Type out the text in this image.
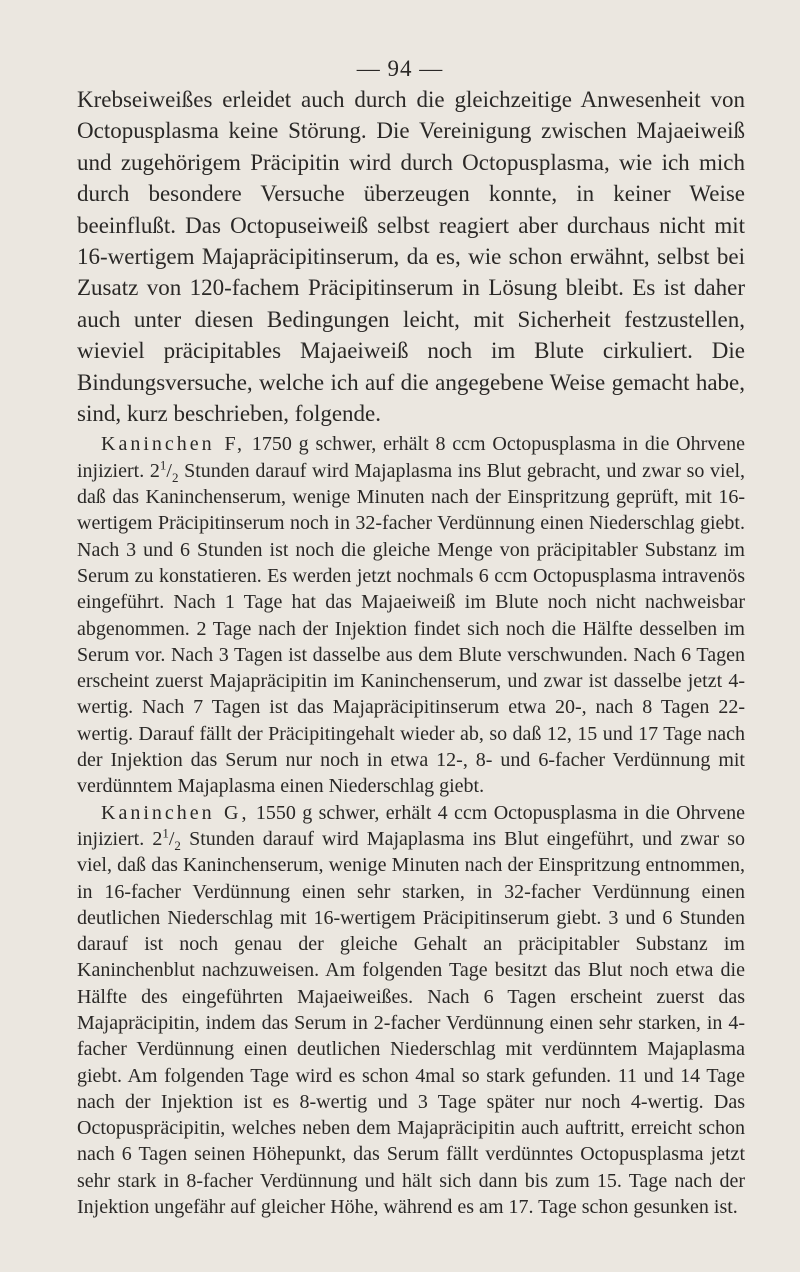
— 94 —

Krebseiweißes erleidet auch durch die gleichzeitige Anwesenheit von Octopusplasma keine Störung. Die Vereinigung zwischen Majaeiweiß und zugehörigem Präcipitin wird durch Octopusplasma, wie ich mich durch besondere Versuche überzeugen konnte, in keiner Weise beeinflußt. Das Octopuseiweiß selbst reagiert aber durchaus nicht mit 16-wertigem Majapräcipitinserum, da es, wie schon erwähnt, selbst bei Zusatz von 120-fachem Präcipitinserum in Lösung bleibt. Es ist daher auch unter diesen Bedingungen leicht, mit Sicherheit festzustellen, wieviel präcipitables Majaeiweiß noch im Blute cirkuliert. Die Bindungsversuche, welche ich auf die angegebene Weise gemacht habe, sind, kurz beschrieben, folgende.

Kaninchen F, 1750 g schwer, erhält 8 ccm Octopusplasma in die Ohrvene injiziert. $2^1/_2$ Stunden darauf wird Majaplasma ins Blut gebracht, und zwar so viel, daß das Kaninchenserum, wenige Minuten nach der Einspritzung geprüft, mit 16-wertigem Präcipitinserum noch in 32-facher Verdünnung einen Niederschlag giebt. Nach 3 und 6 Stunden ist noch die gleiche Menge von präcipitabler Substanz im Serum zu konstatieren. Es werden jetzt nochmals 6 ccm Octopusplasma intravenös eingeführt. Nach 1 Tage hat das Majaeiweiß im Blute noch nicht nachweisbar abgenommen. 2 Tage nach der Injektion findet sich noch die Hälfte desselben im Serum vor. Nach 3 Tagen ist dasselbe aus dem Blute verschwunden. Nach 6 Tagen erscheint zuerst Majapräcipitin im Kaninchenserum, und zwar ist dasselbe jetzt 4-wertig. Nach 7 Tagen ist das Majapräcipitinserum etwa 20-, nach 8 Tagen 22-wertig. Darauf fällt der Präcipitingehalt wieder ab, so daß 12, 15 und 17 Tage nach der Injektion das Serum nur noch in etwa 12-, 8- und 6-facher Verdünnung mit verdünntem Majaplasma einen Niederschlag giebt.

Kaninchen G, 1550 g schwer, erhält 4 ccm Octopusplasma in die Ohrvene injiziert. $2^1/_2$ Stunden darauf wird Majaplasma ins Blut eingeführt, und zwar so viel, daß das Kaninchenserum, wenige Minuten nach der Einspritzung entnommen, in 16-facher Verdünnung einen sehr starken, in 32-facher Verdünnung einen deutlichen Niederschlag mit 16-wertigem Präcipitinserum giebt. 3 und 6 Stunden darauf ist noch genau der gleiche Gehalt an präcipitabler Substanz im Kaninchenblut nachzuweisen. Am folgenden Tage besitzt das Blut noch etwa die Hälfte des eingeführten Majaeiweißes. Nach 6 Tagen erscheint zuerst das Majapräcipitin, indem das Serum in 2-facher Verdünnung einen sehr starken, in 4-facher Verdünnung einen deutlichen Niederschlag mit verdünntem Majaplasma giebt. Am folgenden Tage wird es schon 4mal so stark gefunden. 11 und 14 Tage nach der Injektion ist es 8-wertig und 3 Tage später nur noch 4-wertig. Das Octopuspräcipitin, welches neben dem Majapräcipitin auch auftritt, erreicht schon nach 6 Tagen seinen Höhepunkt, das Serum fällt verdünntes Octopusplasma jetzt sehr stark in 8-facher Verdünnung und hält sich dann bis zum 15. Tage nach der Injektion ungefähr auf gleicher Höhe, während es am 17. Tage schon gesunken ist.
